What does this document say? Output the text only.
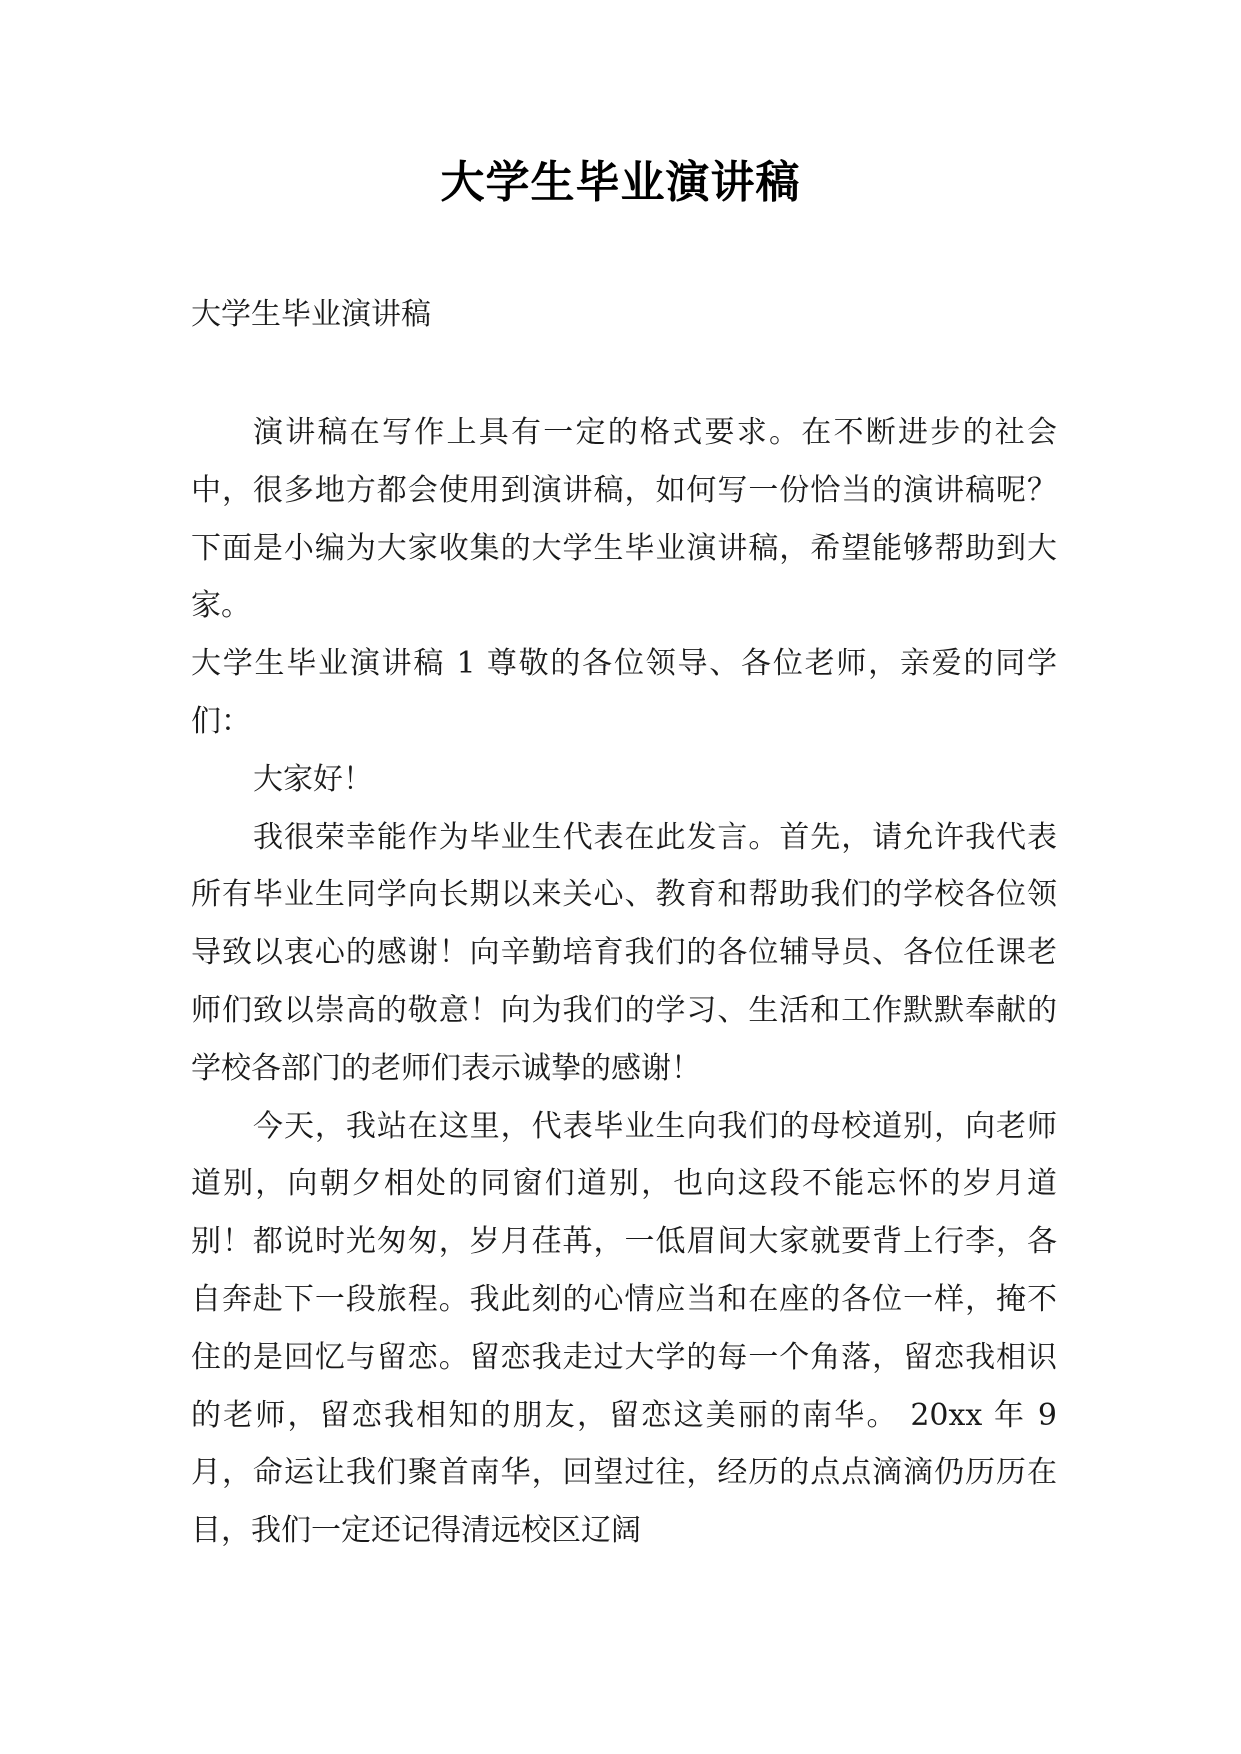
大学生毕业演讲稿
大学生毕业演讲稿

演讲稿在写作上具有一定的格式要求。在不断进步的社会中，很多地方都会使用到演讲稿，如何写一份恰当的演讲稿呢？下面是小编为大家收集的大学生毕业演讲稿，希望能够帮助到大家。

大学生毕业演讲稿 1 尊敬的各位领导、各位老师，亲爱的同学们：

大家好！

我很荣幸能作为毕业生代表在此发言。首先，请允许我代表所有毕业生同学向长期以来关心、教育和帮助我们的学校各位领导致以衷心的感谢！向辛勤培育我们的各位辅导员、各位任课老师们致以崇高的敬意！向为我们的学习、生活和工作默默奉献的学校各部门的老师们表示诚挚的感谢！

今天，我站在这里，代表毕业生向我们的母校道别，向老师道别，向朝夕相处的同窗们道别，也向这段不能忘怀的岁月道别！都说时光匆匆，岁月荏苒，一低眉间大家就要背上行李，各自奔赴下一段旅程。我此刻的心情应当和在座的各位一样，掩不住的是回忆与留恋。留恋我走过大学的每一个角落，留恋我相识的老师，留恋我相知的朋友，留恋这美丽的南华。 20xx 年 9 月，命运让我们聚首南华，回望过往，经历的点点滴滴仍历历在目，我们一定还记得清远校区辽阔
